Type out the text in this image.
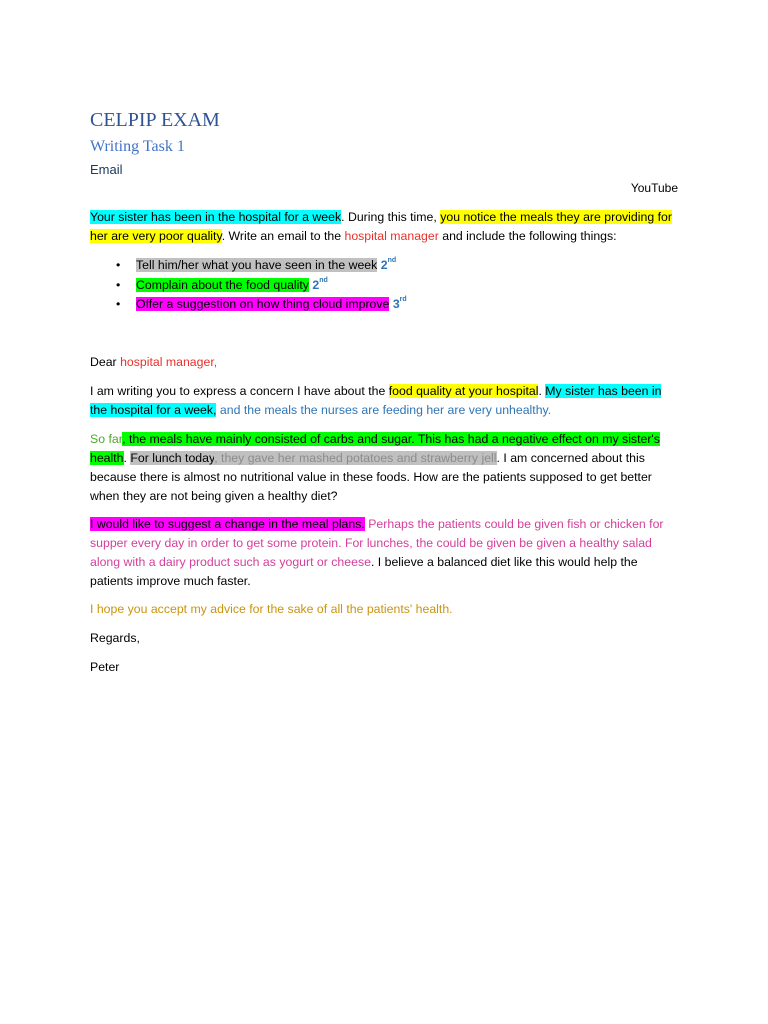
CELPIP EXAM
Writing Task 1
Email
YouTube

Your sister has been in the hospital for a week. During this time, you notice the meals they are providing for her are very poor quality. Write an email to the hospital manager and include the following things:

• Tell him/her what you have seen in the week 2nd
• Complain about the food quality 2nd
• Offer a suggestion on how thing cloud improve 3rd

Dear hospital manager,

I am writing you to express a concern I have about the food quality at your hospital. My sister has been in the hospital for a week, and the meals the nurses are feeding her are very unhealthy.

So far, the meals have mainly consisted of carbs and sugar. This has had a negative effect on my sister's health. For lunch today, they gave her mashed potatoes and strawberry jell. I am concerned about this because there is almost no nutritional value in these foods. How are the patients supposed to get better when they are not being given a healthy diet?

I would like to suggest a change in the meal plans. Perhaps the patients could be given fish or chicken for supper every day in order to get some protein. For lunches, the could be given be given a healthy salad along with a dairy product such as yogurt or cheese. I believe a balanced diet like this would help the patients improve much faster.

I hope you accept my advice for the sake of all the patients' health.

Regards,

Peter
